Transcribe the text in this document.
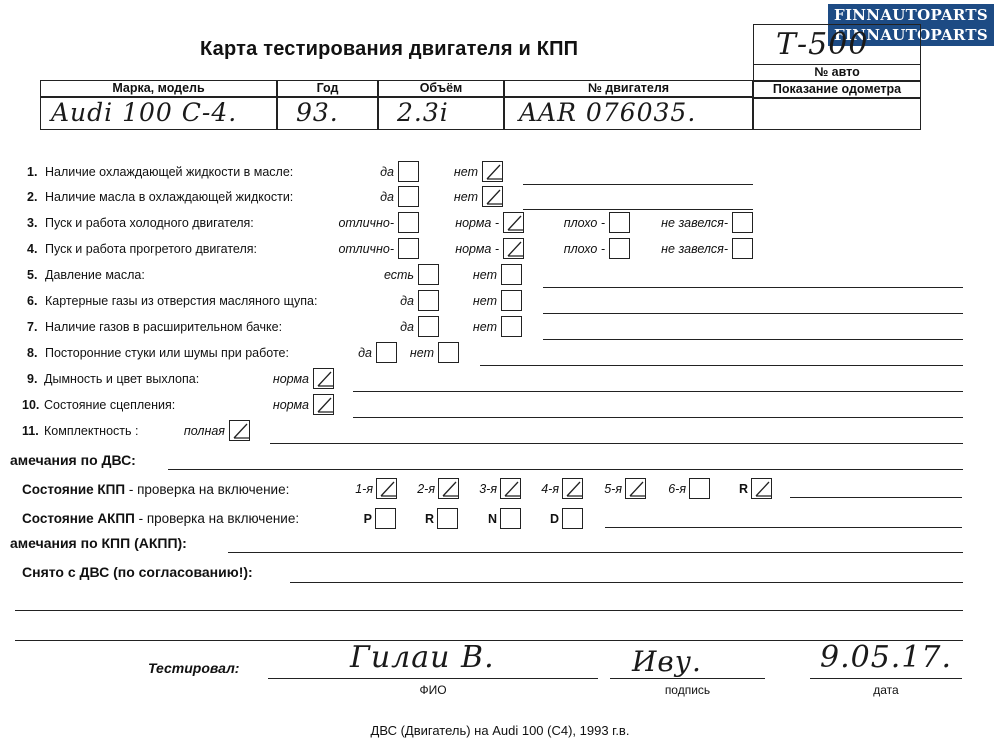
FINNAUTOPARTS
FINNAUTOPARTS
Карта тестирования двигателя и КПП	Т-500
Марка, модель	Год	Объём	№ двигателя
№ авто
Показание одометра
Audi 100 C-4.	93.	2.3i	AAR 076035.
1. Наличие охлаждающей жидкости в масле:	да	нет
2. Наличие масла в охлаждающей жидкости:	да	нет
3. Пуск и работа холодного двигателя:	отлично-	норма -	плохо -	не завелся-
4. Пуск и работа прогретого двигателя:	отлично-	норма -	плохо -	не завелся-
5. Давление масла:	есть	нет
6. Картерные газы из отверстия масляного щупа:	да	нет
7. Наличие газов в расширительном бачке:	да	нет
8. Посторонние стуки или шумы при работе:	да	нет
9. Дымность и цвет выхлопа:	норма
10. Состояние сцепления:	норма
11. Комплектность :	полная
амечания по ДВС:
Состояние КПП - проверка на включение:	1-я	2-я	3-я	4-я	5-я	6-я	R
Состояние АКПП - проверка на включение:	P	R	N	D
амечания по КПП (АКПП):
Снято с ДВС (по согласованию!):
Тестировал:	Гилаи В.	Иву.	9.05.17.
ФИО	подпись	дата
ДВС (Двигатель) на Audi 100 (С4), 1993 г.в.
